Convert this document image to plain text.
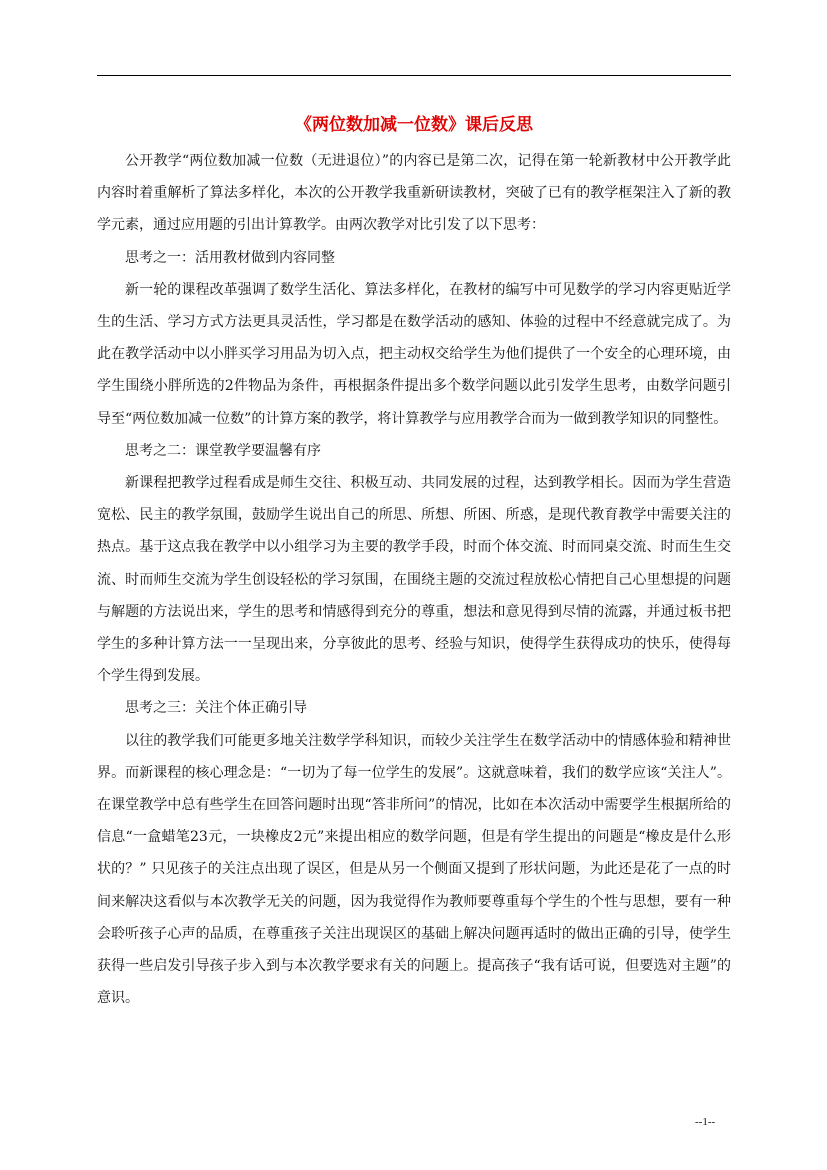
《两位数加减一位数》课后反思

公开教学“两位数加减一位数（无进退位）”的内容已是第二次，记得在第一轮新教材中公开教学此内容时着重解析了算法多样化，本次的公开教学我重新研读教材，突破了已有的教学框架注入了新的教学元素，通过应用题的引出计算教学。由两次教学对比引发了以下思考：

思考之一：活用教材做到内容同整

新一轮的课程改革强调了数学生活化、算法多样化，在教材的编写中可见数学的学习内容更贴近学生的生活、学习方式方法更具灵活性，学习都是在数学活动的感知、体验的过程中不经意就完成了。为此在教学活动中以小胖买学习用品为切入点，把主动权交给学生为他们提供了一个安全的心理环境，由学生围绕小胖所选的2件物品为条件，再根据条件提出多个数学问题以此引发学生思考，由数学问题引导至“两位数加减一位数”的计算方案的教学，将计算教学与应用教学合而为一做到教学知识的同整性。

思考之二：课堂教学要温馨有序

新课程把教学过程看成是师生交往、积极互动、共同发展的过程，达到教学相长。因而为学生营造宽松、民主的教学氛围，鼓励学生说出自己的所思、所想、所困、所惑，是现代教育教学中需要关注的热点。基于这点我在教学中以小组学习为主要的教学手段，时而个体交流、时而同桌交流、时而生生交流、时而师生交流为学生创设轻松的学习氛围，在围绕主题的交流过程放松心情把自己心里想提的问题与解题的方法说出来，学生的思考和情感得到充分的尊重，想法和意见得到尽情的流露，并通过板书把学生的多种计算方法一一呈现出来，分享彼此的思考、经验与知识，使得学生获得成功的快乐，使得每个学生得到发展。

思考之三：关注个体正确引导

以往的教学我们可能更多地关注数学学科知识，而较少关注学生在数学活动中的情感体验和精神世界。而新课程的核心理念是：“一切为了每一位学生的发展”。这就意味着，我们的数学应该“关注人”。在课堂教学中总有些学生在回答问题时出现“答非所问”的情况，比如在本次活动中需要学生根据所给的信息“一盒蜡笔23元，一块橡皮2元”来提出相应的数学问题，但是有学生提出的问题是“橡皮是什么形状的？” 只见孩子的关注点出现了误区，但是从另一个侧面又提到了形状问题，为此还是花了一点的时间来解决这看似与本次教学无关的问题，因为我觉得作为教师要尊重每个学生的个性与思想，要有一种会聆听孩子心声的品质，在尊重孩子关注出现误区的基础上解决问题再适时的做出正确的引导，使学生获得一些启发引导孩子步入到与本次教学要求有关的问题上。提高孩子“我有话可说，但要选对主题”的意识。

--1--
